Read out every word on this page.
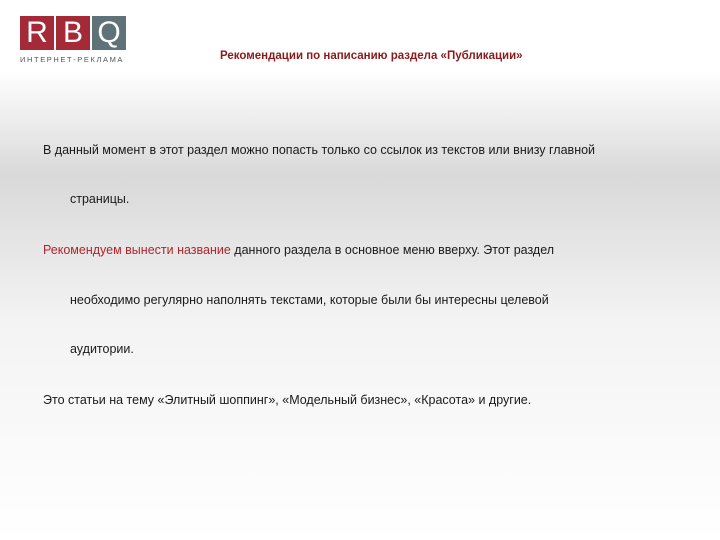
R B Q
ИНТЕРНЕТ-РЕКЛАМА	Рекомендации по написанию раздела «Публикации»
В данный момент в этот раздел можно попасть только со ссылок из текстов или внизу главной
страницы.
Рекомендуем вынести название данного раздела в основное меню вверху. Этот раздел
необходимо регулярно наполнять текстами, которые были бы интересны целевой
аудитории.
Это статьи на тему «Элитный шоппинг», «Модельный бизнес», «Красота» и другие.
